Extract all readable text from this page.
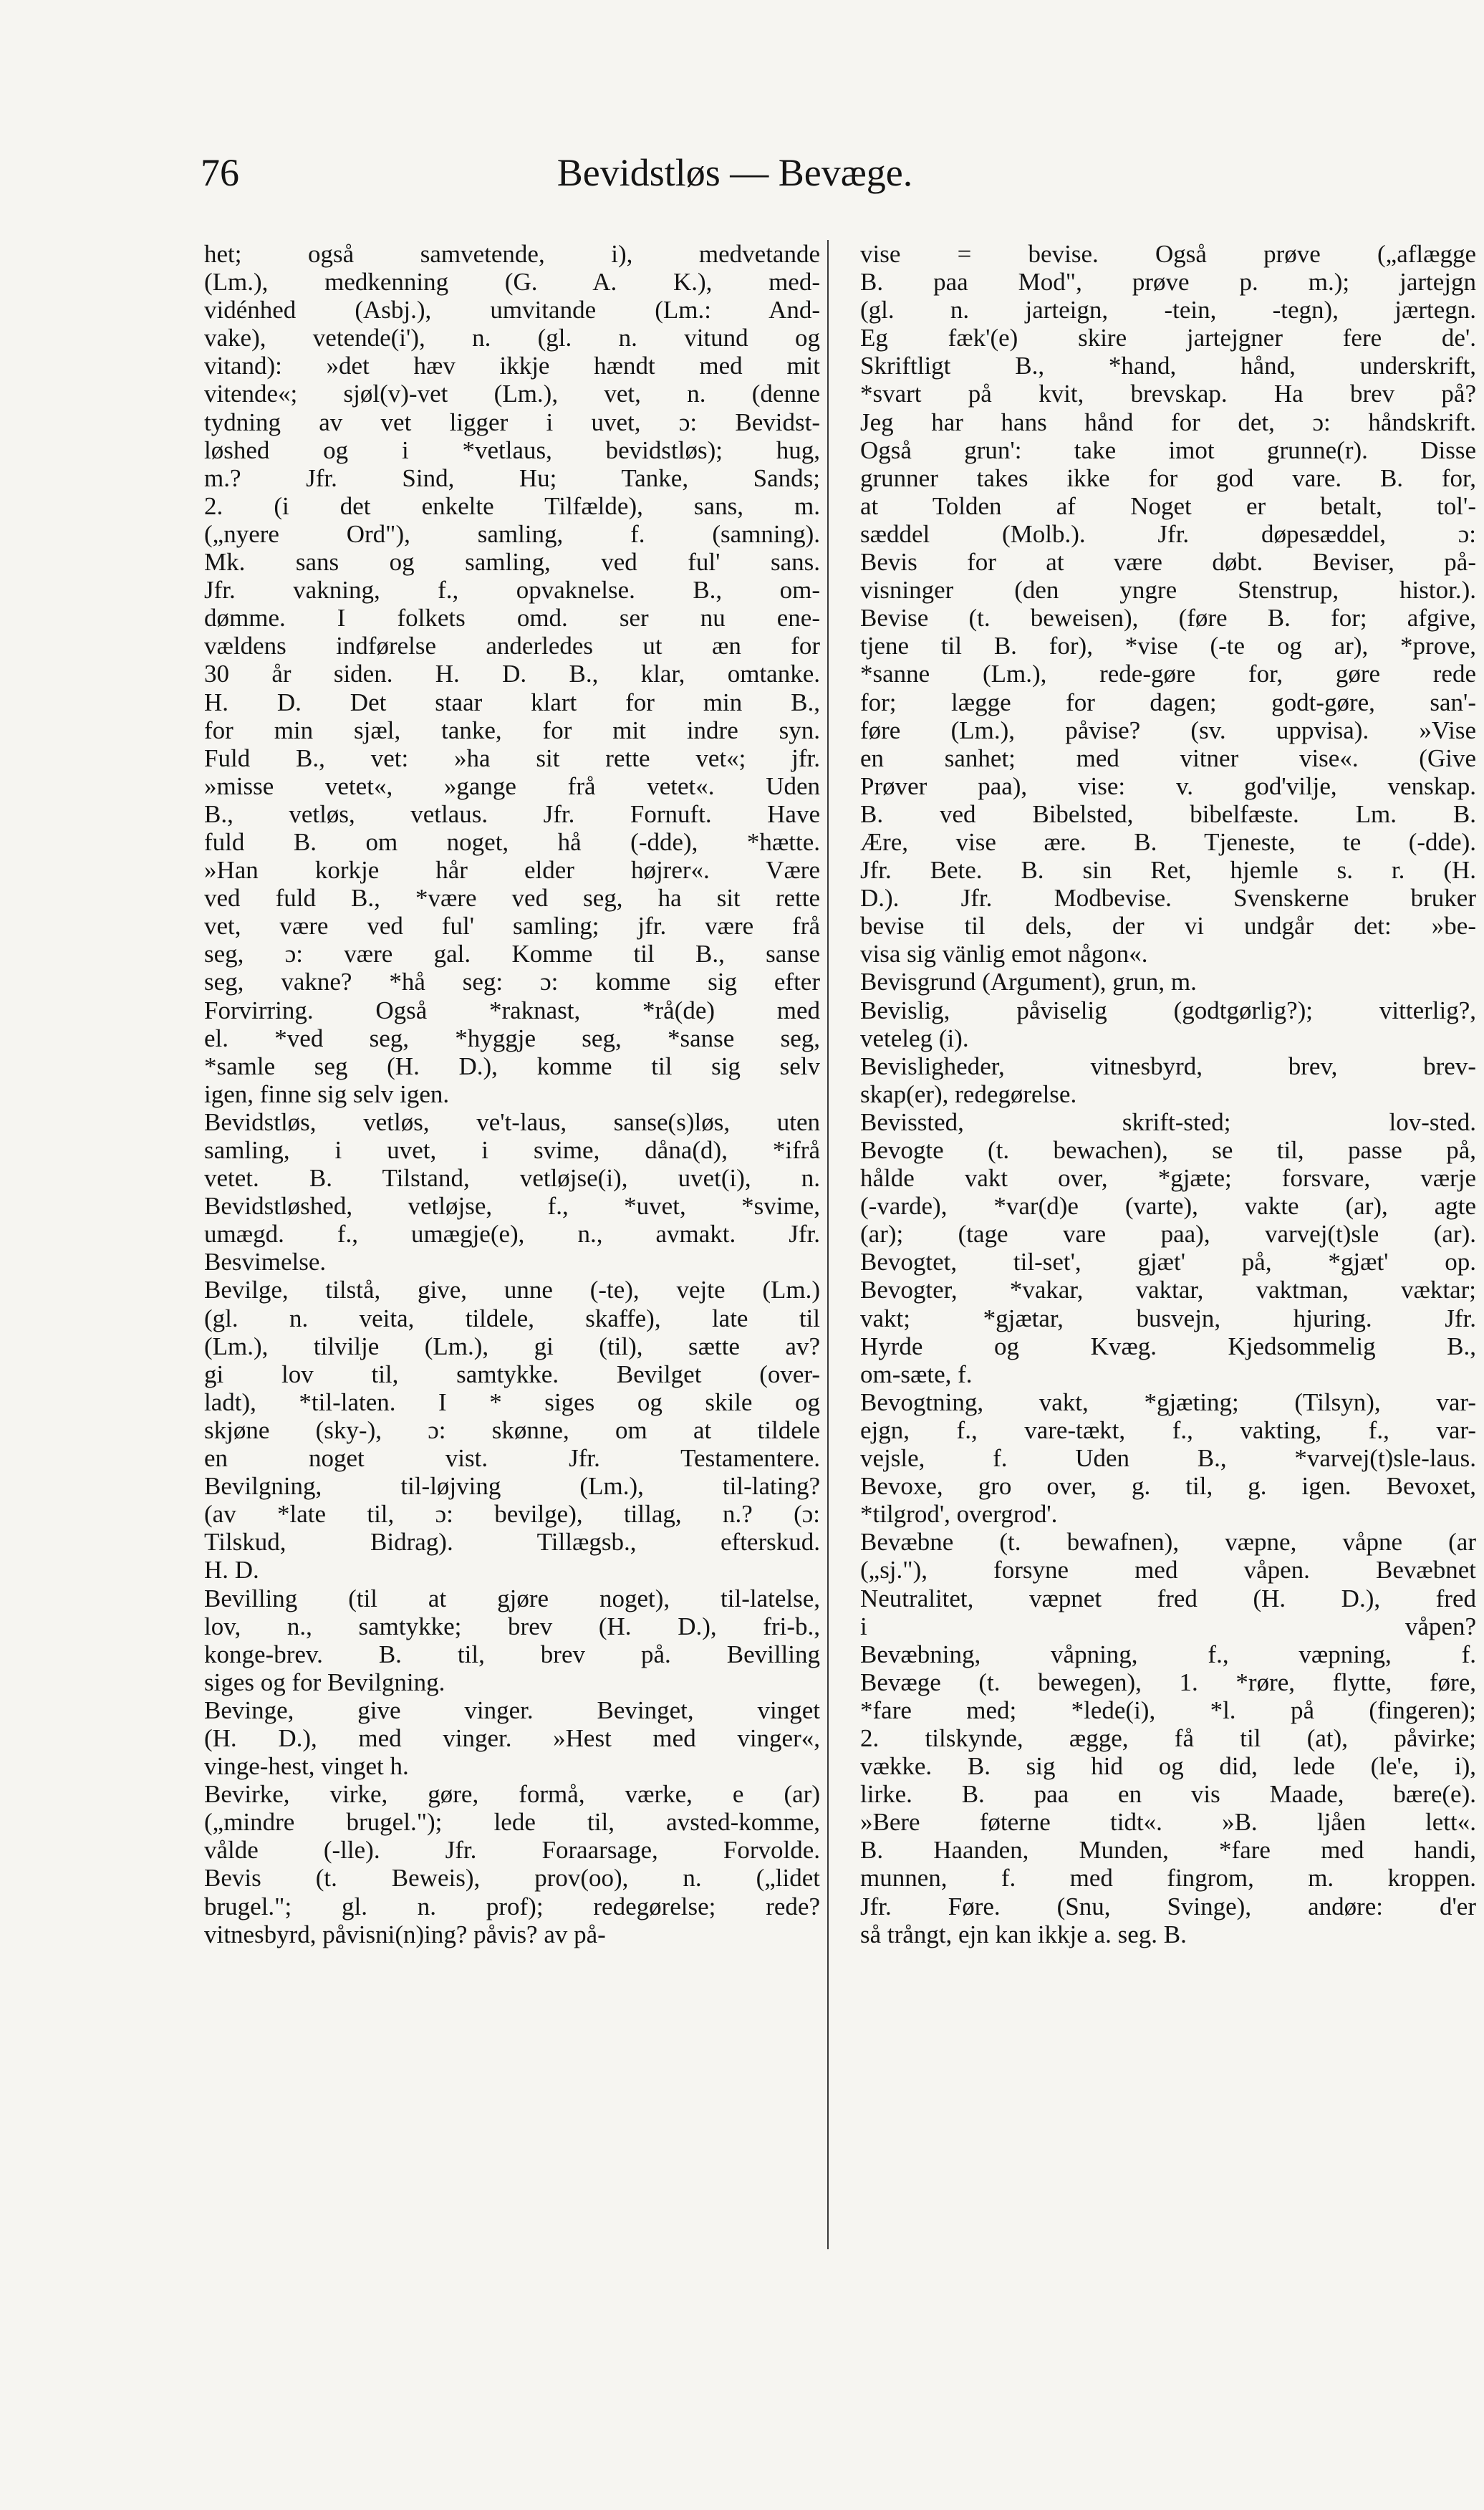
76	Bevidstløs — Bevæge.
het; også samvetende, i), medvetande
(Lm.), medkenning (G. A. K.), med-
vidénhed (Asbj.), umvitande (Lm.: And-
vake), vetende(i'), n. (gl. n. vitund og
vitand): »det hæv ikkje hændt med mit
vitende«; sjøl(v)-vet (Lm.), vet, n. (denne
tydning av vet ligger i uvet, ɔ: Bevidst-
løshed og i *vetlaus, bevidstløs); hug,
m.? Jfr. Sind, Hu; Tanke, Sands;
2. (i det enkelte Tilfælde), sans, m.
(„nyere Ord"), samling, f. (samning).
Mk. sans og samling, ved ful' sans.
Jfr. vakning, f., opvaknelse. B., om-
dømme. I folkets omd. ser nu ene-
vældens indførelse anderledes ut æn for
30 år siden. H. D. B., klar, omtanke.
H. D. Det staar klart for min B.,
for min sjæl, tanke, for mit indre syn.
Fuld B., vet: »ha sit rette vet«; jfr.
»misse vetet«, »gange frå vetet«. Uden
B., vetløs, vetlaus. Jfr. Fornuft. Have
fuld B. om noget, hå (-dde), *hætte.
»Han korkje hår elder højrer«. Være
ved fuld B., *være ved seg, ha sit rette
vet, være ved ful' samling; jfr. være frå
seg, ɔ: være gal. Komme til B., sanse
seg, vakne? *hå seg: ɔ: komme sig efter
Forvirring. Også *raknast, *rå(de) med
el. *ved seg, *hyggje seg, *sanse seg,
*samle seg (H. D.), komme til sig selv
igen, finne sig selv igen.
Bevidstløs, vetløs, ve't-laus, sanse(s)løs, uten
samling, i uvet, i svime, dåna(d), *ifrå
vetet. B. Tilstand, vetløjse(i), uvet(i), n.
Bevidstløshed, vetløjse, f., *uvet, *svime,
umægd. f., umægje(e), n., avmakt. Jfr.
Besvimelse.
Bevilge, tilstå, give, unne (-te), vejte (Lm.)
(gl. n. veita, tildele, skaffe), late til
(Lm.), tilvilje (Lm.), gi (til), sætte av?
gi lov til, samtykke. Bevilget (over-
ladt), *til-laten. I * siges og skile og
skjøne (sky-), ɔ: skønne, om at tildele
en noget vist. Jfr. Testamentere.
Bevilgning, til-løjving (Lm.), til-lating?
(av *late til, ɔ: bevilge), tillag, n.? (ɔ:
Tilskud, Bidrag). Tillægsb., efterskud.
H. D.
Bevilling (til at gjøre noget), til-latelse,
lov, n., samtykke; brev (H. D.), fri-b.,
konge-brev. B. til, brev på. Bevilling
siges og for Bevilgning.
Bevinge, give vinger. Bevinget, vinget
(H. D.), med vinger. »Hest med vinger«,
vinge-hest, vinget h.
Bevirke, virke, gøre, formå, værke, e (ar)
(„mindre brugel."); lede til, avsted-komme,
vålde (-lle). Jfr. Foraarsage, Forvolde.
Bevis (t. Beweis), prov(oo), n. („lidet
brugel."; gl. n. prof); redegørelse; rede?
vitnesbyrd, påvisni(n)ing? påvis? av på-
vise = bevise. Også prøve („aflægge
B. paa Mod", prøve p. m.); jartejgn
(gl. n. jarteign, -tein, -tegn), jærtegn.
Eg fæk'(e) skire jartejgner fere de'.
Skriftligt B., *hand, hånd, underskrift,
*svart på kvit, brevskap. Ha brev på?
Jeg har hans hånd for det, ɔ: håndskrift.
Også grun': take imot grunne(r). Disse
grunner takes ikke for god vare. B. for,
at Tolden af Noget er betalt, tol'-
sæddel (Molb.). Jfr. døpesæddel, ɔ:
Bevis for at være døbt. Beviser, på-
visninger (den yngre Stenstrup, histor.).
Bevise (t. beweisen), (føre B. for; afgive,
tjene til B. for), *vise (-te og ar), *prove,
*sanne (Lm.), rede-gøre for, gøre rede
for; lægge for dagen; godt-gøre, san'-
føre (Lm.), påvise? (sv. uppvisa). »Vise
en sanhet; med vitner vise«. (Give
Prøver paa), vise: v. god'vilje, venskap.
B. ved Bibelsted, bibelfæste. Lm. B.
Ære, vise ære. B. Tjeneste, te (-dde).
Jfr. Bete. B. sin Ret, hjemle s. r. (H.
D.). Jfr. Modbevise. Svenskerne bruker
bevise til dels, der vi undgår det: »be-
visa sig vänlig emot någon«.
Bevisgrund (Argument), grun, m.
Bevislig, påviselig (godtgørlig?); vitterlig?,
veteleg (i).
Bevisligheder, vitnesbyrd, brev, brev-
skap(er), redegørelse.
Bevissted, skrift-sted; lov-sted.
Bevogte (t. bewachen), se til, passe på,
hålde vakt over, *gjæte; forsvare, værje
(-varde), *var(d)e (varte), vakte (ar), agte
(ar); (tage vare paa), varvej(t)sle (ar).
Bevogtet, til-set', gjæt' på, *gjæt' op.
Bevogter, *vakar, vaktar, vaktman, væktar;
vakt; *gjætar, busvejn, hjuring. Jfr.
Hyrde og Kvæg. Kjedsommelig B.,
om-sæte, f.
Bevogtning, vakt, *gjæting; (Tilsyn), var-
ejgn, f., vare-tækt, f., vakting, f., var-
vejsle, f. Uden B., *varvej(t)sle-laus.
Bevoxe, gro over, g. til, g. igen. Bevoxet,
*tilgrod', overgrod'.
Bevæbne (t. bewafnen), væpne, våpne (ar
(„sj."), forsyne med våpen. Bevæbnet
Neutralitet, væpnet fred (H. D.), fred
i våpen?
Bevæbning, våpning, f., væpning, f.
Bevæge (t. bewegen), 1. *røre, flytte, føre,
*fare med; *lede(i), *l. på (fingeren);
2. tilskynde, ægge, få til (at), påvirke;
vække. B. sig hid og did, lede (le'e, i),
lirke. B. paa en vis Maade, bære(e).
»Bere føterne tidt«. »B. ljåen lett«.
B. Haanden, Munden, *fare med handi,
munnen, f. med fingrom, m. kroppen.
Jfr. Føre. (Snu, Svinge), andøre: d'er
så trångt, ejn kan ikkje a. seg. B.
